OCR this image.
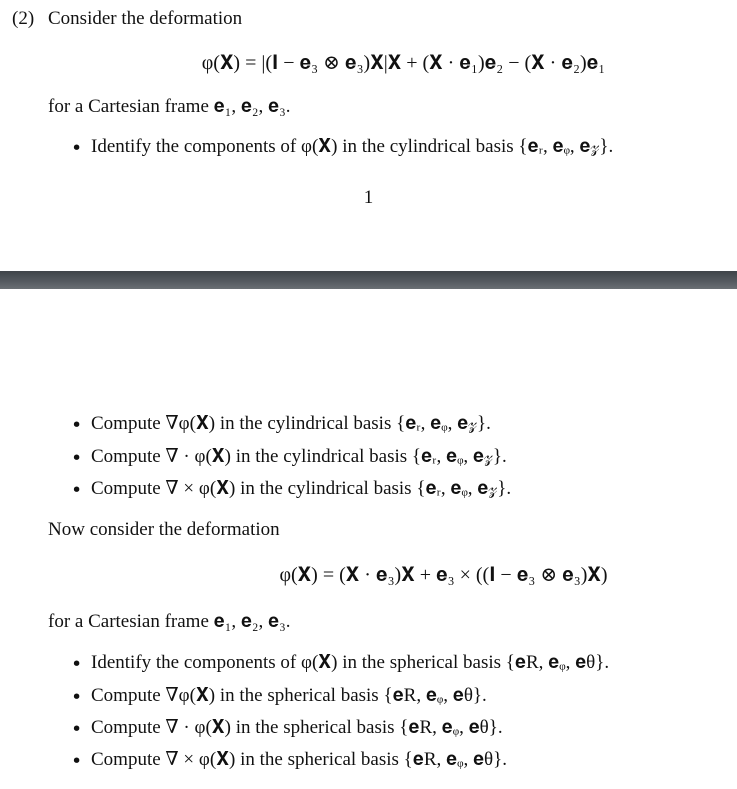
(2) Consider the deformation
φ(𝐗) = |(𝐈 − 𝐞₃ ⊗ 𝐞₃)𝐗|𝐗 + (𝐗 · 𝐞₁)𝐞₂ − (𝐗 · 𝐞₂)𝐞₁
for a Cartesian frame 𝐞₁, 𝐞₂, 𝐞₃.
• Identify the components of φ(𝐗) in the cylindrical basis {𝐞ᵣ, 𝐞ᵩ, 𝐞𝓏}.
1
• Compute ∇φ(𝐗) in the cylindrical basis {𝐞ᵣ, 𝐞ᵩ, 𝐞𝓏}.
• Compute ∇ · φ(𝐗) in the cylindrical basis {𝐞ᵣ, 𝐞ᵩ, 𝐞𝓏}.
• Compute ∇ × φ(𝐗) in the cylindrical basis {𝐞ᵣ, 𝐞ᵩ, 𝐞𝓏}.
Now consider the deformation
φ(𝐗) = (𝐗 · 𝐞₃)𝐗 + 𝐞₃ × ((𝐈 − 𝐞₃ ⊗ 𝐞₃)𝐗)
for a Cartesian frame 𝐞₁, 𝐞₂, 𝐞₃.
• Identify the components of φ(𝐗) in the spherical basis {𝐞R, 𝐞ᵩ, 𝐞θ}.
• Compute ∇φ(𝐗) in the spherical basis {𝐞R, 𝐞ᵩ, 𝐞θ}.
• Compute ∇ · φ(𝐗) in the spherical basis {𝐞R, 𝐞ᵩ, 𝐞θ}.
• Compute ∇ × φ(𝐗) in the spherical basis {𝐞R, 𝐞ᵩ, 𝐞θ}.
